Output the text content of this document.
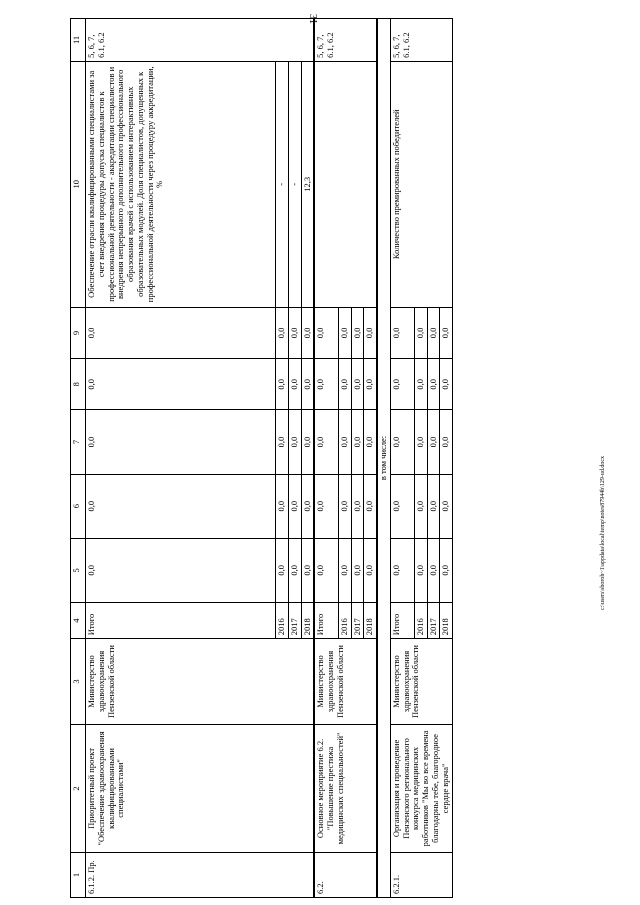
31
1	2	3	4	5	6	7	8	9	10	11
6.1.2. Пр.	Приоритетный проект "Обеспечение здравоохранения квалифицированными специалистами"	Министерство здравоохранения Пензенской области	Итого	0,0	0,0	0,0	0,0	0,0	Обеспечение отрасли квалифицированными специалистами за счет внедрения процедуры допуска специалистов к профессиональной деятельности - аккредитации специалистов и внедрения непрерывного дополнительного профессионального образования врачей с использованием интерактивных образовательных модулей. Доля специалистов, допущенных к профессиональной деятельности через процедуру аккредитации, %	5, 6, 7, 6.1, 6.2
			2016	0,0	0,0	0,0	0,0	0,0	-	
			2017	0,0	0,0	0,0	0,0	0,0	-	
			2018	0,0	0,0	0,0	0,0	0,0	12,3	
6.2.	Основное мероприятие 6.2. "Повышение престижа медицинских специальностей"	Министерство здравоохранения Пензенской области	Итого	0,0	0,0	0,0	0,0	0,0		5, 6, 7, 6.1, 6.2
			2016	0,0	0,0	0,0	0,0	0,0		
			2017	0,0	0,0	0,0	0,0	0,0		
			2018	0,0	0,0	0,0	0,0	0,0		
в том числе:										
6.2.1.	Организация и проведение Пензенского регионального конкурса медицинских работников "Мы во все времена благодарны тебе, благородное сердце врача"	Министерство здравоохранения Пензенской области	Итого	0,0	0,0	0,0	0,0	0,0	Количество премированных победителей	5, 6, 7, 6.1, 6.2
			2016	0,0	0,0	0,0	0,0	0,0		
			2017	0,0	0,0	0,0	0,0	0,0		
			2018	0,0	0,0	0,0	0,0	0,0		
c:\users\sboroh~1\appdata\local\temp\notes87944b\129-ud.docx
